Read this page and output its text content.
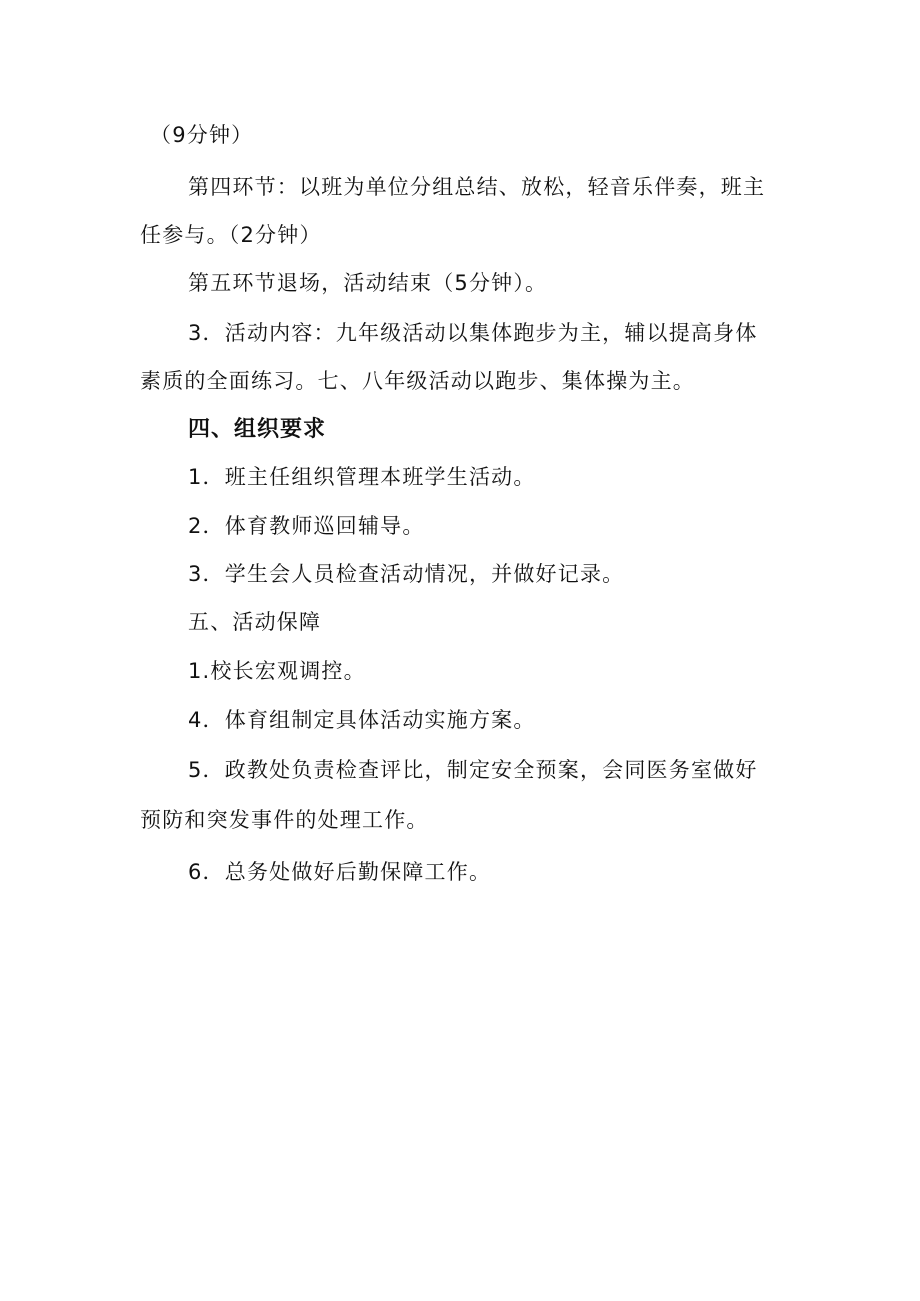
（9分钟）
第四环节：以班为单位分组总结、放松，轻音乐伴奏，班主
任参与。（2分钟）
第五环节退场，活动结束（5分钟）。
3．活动内容：九年级活动以集体跑步为主，辅以提高身体
素质的全面练习。七、八年级活动以跑步、集体操为主。
四、组织要求
1．班主任组织管理本班学生活动。
2．体育教师巡回辅导。
3．学生会人员检查活动情况，并做好记录。
五、活动保障
1.校长宏观调控。
4．体育组制定具体活动实施方案。
5．政教处负责检查评比，制定安全预案，会同医务室做好
预防和突发事件的处理工作。
6．总务处做好后勤保障工作。
